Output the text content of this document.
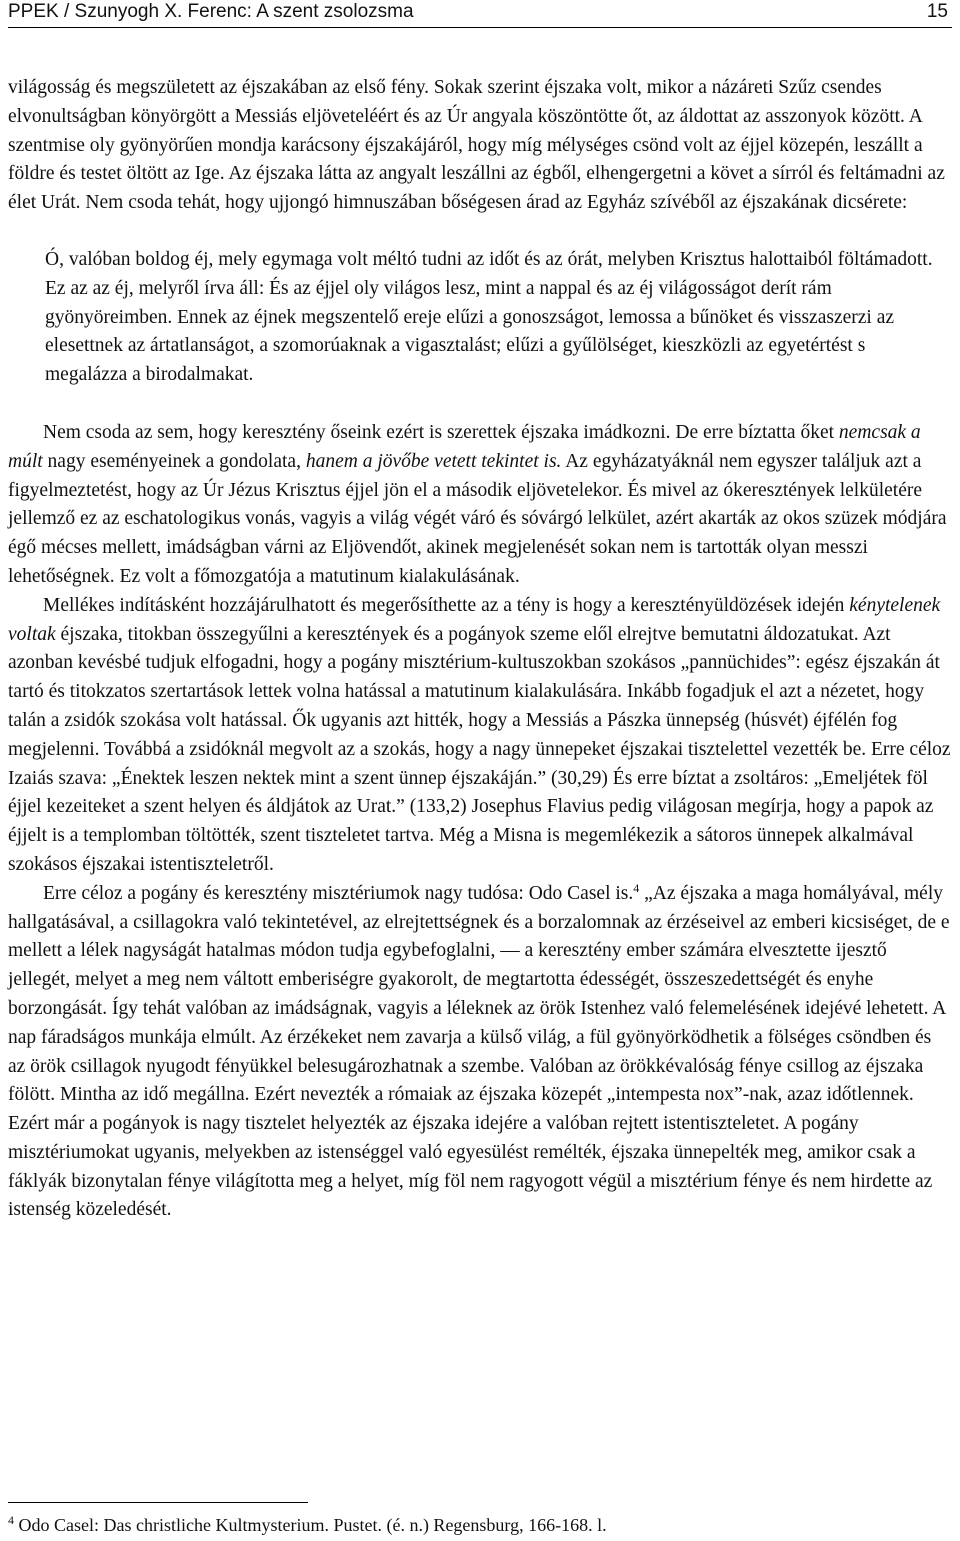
PPEK / Szunyogh X. Ferenc: A szent zsolozsma	15

világosság és megszületett az éjszakában az első fény. Sokak szerint éjszaka volt, mikor a názáreti Szűz csendes elvonultságban könyörgött a Messiás eljöveteléért és az Úr angyala köszöntötte őt, az áldottat az asszonyok között. A szentmise oly gyönyörűen mondja karácsony éjszakájáról, hogy míg mélységes csönd volt az éjjel közepén, leszállt a földre és testet öltött az Ige. Az éjszaka látta az angyalt leszállni az égből, elhengergetni a követ a sírról és feltámadni az élet Urát. Nem csoda tehát, hogy ujjongó himnuszában bőségesen árad az Egyház szívéből az éjszakának dicsérete:

Ó, valóban boldog éj, mely egymaga volt méltó tudni az időt és az órát, melyben Krisztus halottaiból föltámadott. Ez az az éj, melyről írva áll: És az éjjel oly világos lesz, mint a nappal és az éj világosságot derít rám gyönyöreimben. Ennek az éjnek megszentelő ereje elűzi a gonoszságot, lemossa a bűnöket és visszaszerzi az elesettnek az ártatlanságot, a szomorúaknak a vigasztalást; elűzi a gyűlölséget, kieszközli az egyetértést s megalázza a birodalmakat.

Nem csoda az sem, hogy keresztény őseink ezért is szerettek éjszaka imádkozni. De erre bíztatta őket nemcsak a múlt nagy eseményeinek a gondolata, hanem a jövőbe vetett tekintet is. Az egyházatyáknál nem egyszer találjuk azt a figyelmeztetést, hogy az Úr Jézus Krisztus éjjel jön el a második eljövetelekor. És mivel az ókeresztények lelkületére jellemző ez az eschatologikus vonás, vagyis a világ végét váró és sóvárgó lelkület, azért akarták az okos szüzek módjára égő mécses mellett, imádságban várni az Eljövendőt, akinek megjelenését sokan nem is tartották olyan messzi lehetőségnek. Ez volt a főmozgatója a matutinum kialakulásának.

Mellékes indításként hozzájárulhatott és megerősíthette az a tény is hogy a keresztényüldözések idején kénytelenek voltak éjszaka, titokban összegyűlni a keresztények és a pogányok szeme elől elrejtve bemutatni áldozatukat. Azt azonban kevésbé tudjuk elfogadni, hogy a pogány misztérium-kultuszokban szokásos „pannüchides”: egész éjszakán át tartó és titokzatos szertartások lettek volna hatással a matutinum kialakulására. Inkább fogadjuk el azt a nézetet, hogy talán a zsidók szokása volt hatással. Ők ugyanis azt hitték, hogy a Messiás a Pászka ünnepség (húsvét) éjfélén fog megjelenni. Továbbá a zsidóknál megvolt az a szokás, hogy a nagy ünnepeket éjszakai tisztelettel vezették be. Erre céloz Izaiás szava: „Énektek leszen nektek mint a szent ünnep éjszakáján.” (30,29) És erre bíztat a zsoltáros: „Emeljétek föl éjjel kezeiteket a szent helyen és áldjátok az Urat.” (133,2) Josephus Flavius pedig világosan megírja, hogy a papok az éjjelt is a templomban töltötték, szent tiszteletet tartva. Még a Misna is megemlékezik a sátoros ünnepek alkalmával szokásos éjszakai istentiszteletről.

Erre céloz a pogány és keresztény misztériumok nagy tudósa: Odo Casel is.$^4$ „Az éjszaka a maga homályával, mély hallgatásával, a csillagokra való tekintetével, az elrejtettségnek és a borzalomnak az érzéseivel az emberi kicsiséget, de e mellett a lélek nagyságát hatalmas módon tudja egybefoglalni, — a keresztény ember számára elvesztette ijesztő jellegét, melyet a meg nem váltott emberiségre gyakorolt, de megtartotta édességét, összeszedettségét és enyhe borzongását. Így tehát valóban az imádságnak, vagyis a léleknek az örök Istenhez való felemelésének idejévé lehetett. A nap fáradságos munkája elmúlt. Az érzékeket nem zavarja a külső világ, a fül gyönyörködhetik a fölséges csöndben és az örök csillagok nyugodt fényükkel belesugározhatnak a szembe. Valóban az örökkévalóság fénye csillog az éjszaka fölött. Mintha az idő megállna. Ezért nevezték a rómaiak az éjszaka közepét „intempesta nox”-nak, azaz időtlennek. Ezért már a pogányok is nagy tisztelet helyezték az éjszaka idejére a valóban rejtett istentiszteletet. A pogány misztériumokat ugyanis, melyekben az istenséggel való egyesülést remélték, éjszaka ünnepelték meg, amikor csak a fáklyák bizonytalan fénye világította meg a helyet, míg föl nem ragyogott végül a misztérium fénye és nem hirdette az istenség közeledését.

$^4$ Odo Casel: Das christliche Kultmysterium. Pustet. (é. n.) Regensburg, 166-168. l.
